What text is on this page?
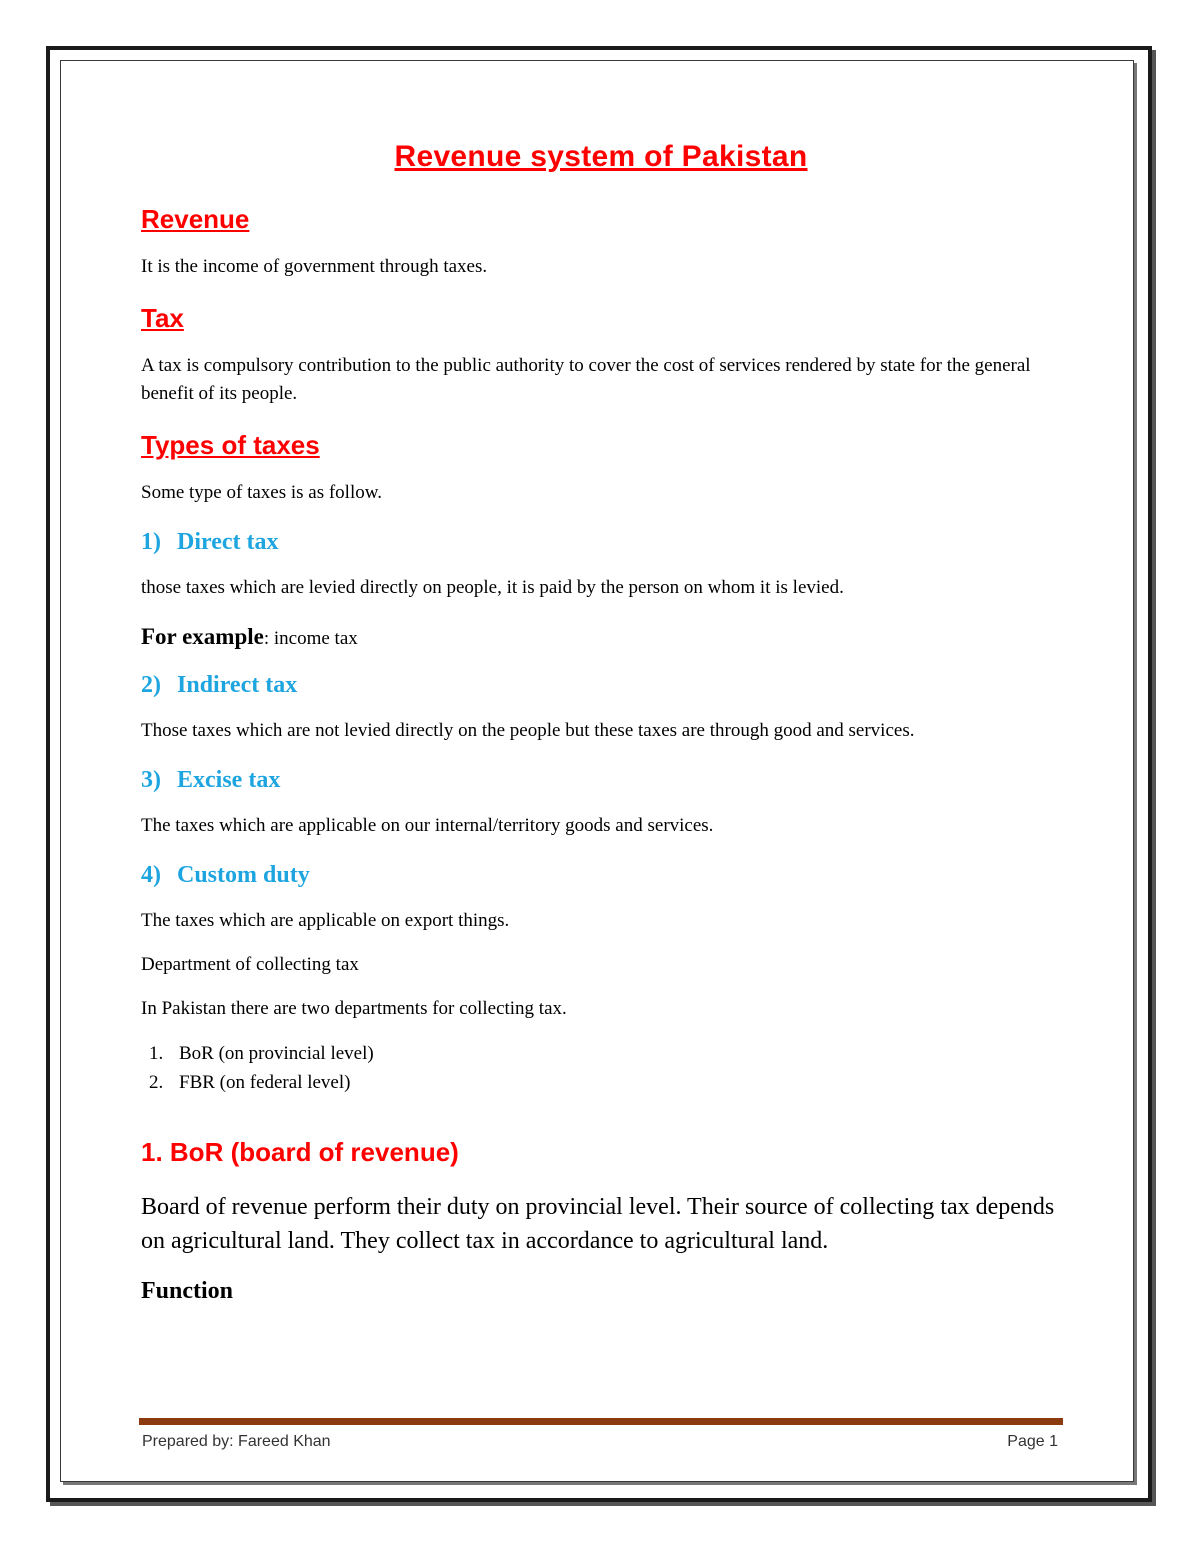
Revenue system of Pakistan
Revenue
It is the income of government through taxes.
Tax
A tax is compulsory contribution to the public authority to cover the cost of services rendered by state for the general benefit of its people.
Types of taxes
Some type of taxes is as follow.
1) Direct tax
those taxes which are levied directly on people, it is paid by the person on whom it is levied.
For example: income tax
2) Indirect tax
Those taxes which are not levied directly on the people but these taxes are through good and services.
3) Excise tax
The taxes which are applicable on our internal/territory goods and services.
4) Custom duty
The taxes which are applicable on export things.
Department of collecting tax
In Pakistan there are two departments for collecting tax.
1. BoR (on provincial level)
2. FBR (on federal level)
1. BoR (board of revenue)
Board of revenue perform their duty on provincial level. Their source of collecting tax depends on agricultural land. They collect tax in accordance to agricultural land.
Function
Prepared by: Fareed Khan	Page 1
